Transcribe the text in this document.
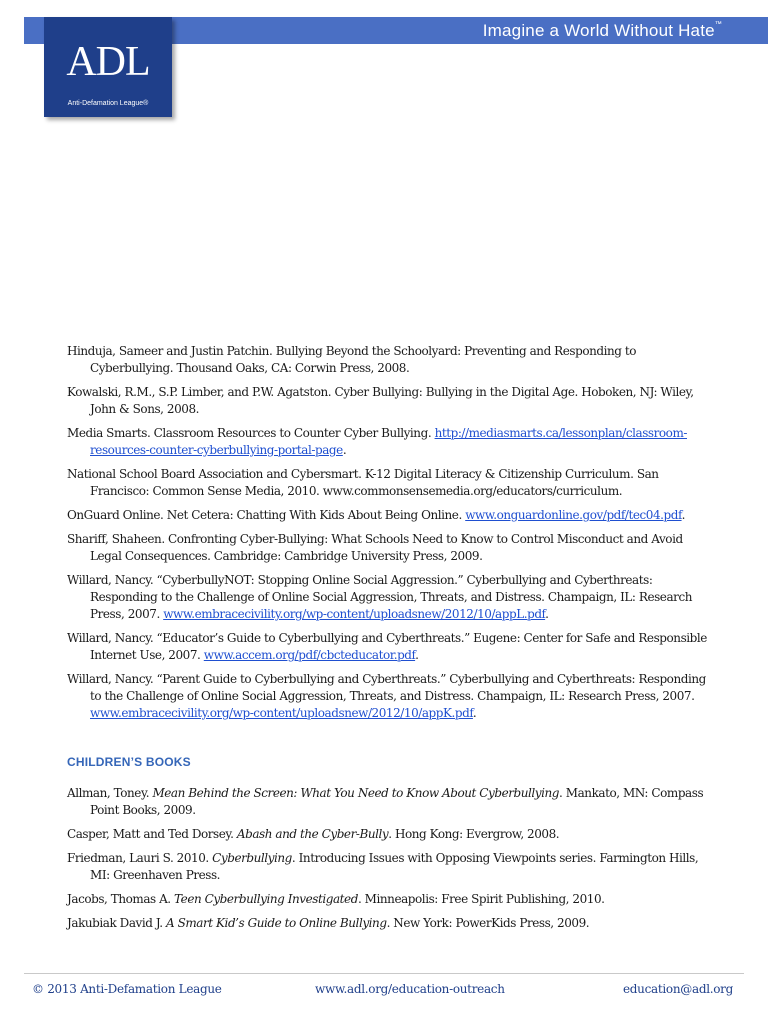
Imagine a World Without Hate™
ADL
Anti-Defamation League®

Hinduja, Sameer and Justin Patchin. Bullying Beyond the Schoolyard: Preventing and Responding to Cyberbullying. Thousand Oaks, CA: Corwin Press, 2008.

Kowalski, R.M., S.P. Limber, and P.W. Agatston. Cyber Bullying: Bullying in the Digital Age. Hoboken, NJ: Wiley, John & Sons, 2008.

Media Smarts. Classroom Resources to Counter Cyber Bullying. http://mediasmarts.ca/lessonplan/classroom-resources-counter-cyberbullying-portal-page.

National School Board Association and Cybersmart. K-12 Digital Literacy & Citizenship Curriculum. San Francisco: Common Sense Media, 2010. www.commonsensemedia.org/educators/curriculum.

OnGuard Online. Net Cetera: Chatting With Kids About Being Online. www.onguardonline.gov/pdf/tec04.pdf.

Shariff, Shaheen. Confronting Cyber-Bullying: What Schools Need to Know to Control Misconduct and Avoid Legal Consequences. Cambridge: Cambridge University Press, 2009.

Willard, Nancy. “CyberbullyNOT: Stopping Online Social Aggression.” Cyberbullying and Cyberthreats: Responding to the Challenge of Online Social Aggression, Threats, and Distress. Champaign, IL: Research Press, 2007. www.embracecivility.org/wp-content/uploadsnew/2012/10/appL.pdf.

Willard, Nancy. “Educator’s Guide to Cyberbullying and Cyberthreats.” Eugene: Center for Safe and Responsible Internet Use, 2007. www.accem.org/pdf/cbcteducator.pdf.

Willard, Nancy. “Parent Guide to Cyberbullying and Cyberthreats.” Cyberbullying and Cyberthreats: Responding to the Challenge of Online Social Aggression, Threats, and Distress. Champaign, IL: Research Press, 2007. www.embracecivility.org/wp-content/uploadsnew/2012/10/appK.pdf.

CHILDREN’S BOOKS

Allman, Toney. Mean Behind the Screen: What You Need to Know About Cyberbullying. Mankato, MN: Compass Point Books, 2009.

Casper, Matt and Ted Dorsey. Abash and the Cyber-Bully. Hong Kong: Evergrow, 2008.

Friedman, Lauri S. 2010. Cyberbullying. Introducing Issues with Opposing Viewpoints series. Farmington Hills, MI: Greenhaven Press.

Jacobs, Thomas A. Teen Cyberbullying Investigated. Minneapolis: Free Spirit Publishing, 2010.

Jakubiak David J. A Smart Kid’s Guide to Online Bullying. New York: PowerKids Press, 2009.

© 2013 Anti-Defamation League	www.adl.org/education-outreach	education@adl.org
